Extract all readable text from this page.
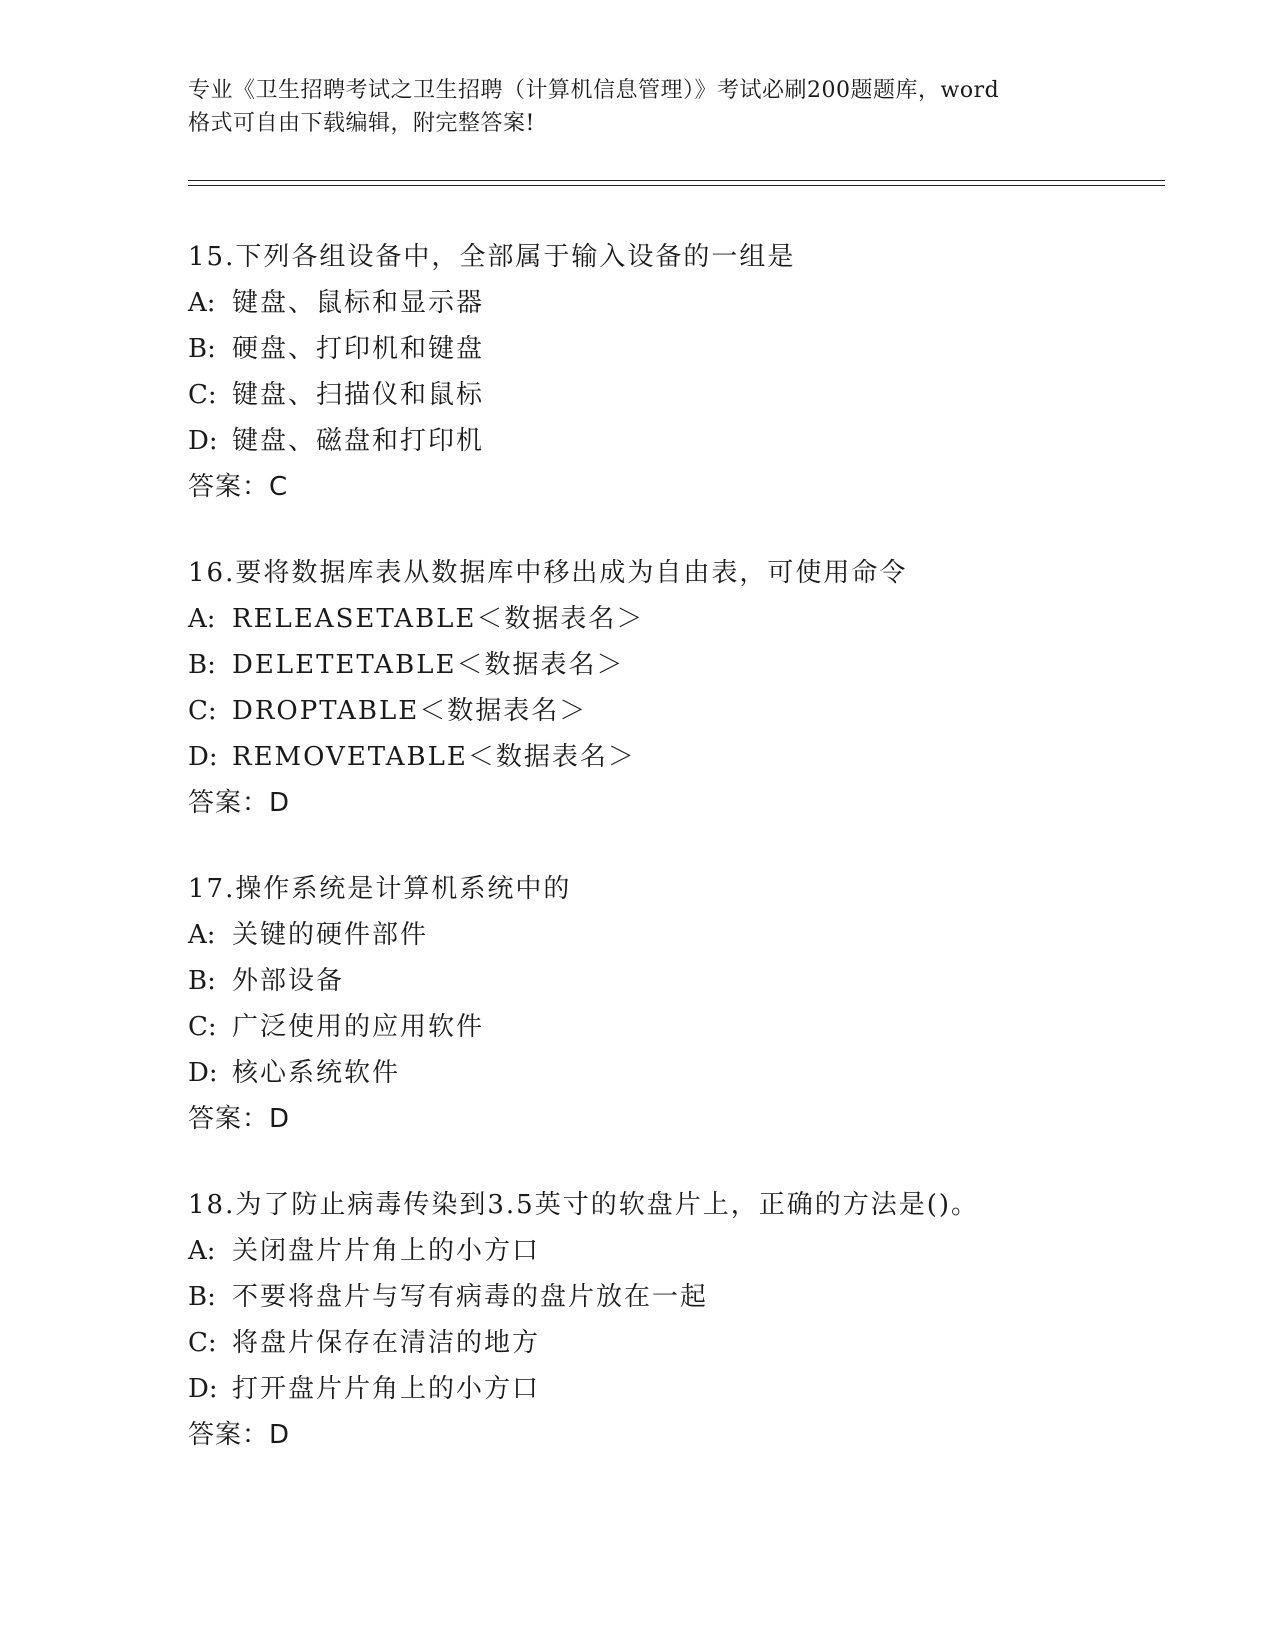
专业《卫生招聘考试之卫生招聘（计算机信息管理）》考试必刷200题题库，word
格式可自由下载编辑，附完整答案!
15.下列各组设备中，全部属于输入设备的一组是
A: 键盘、鼠标和显示器
B: 硬盘、打印机和键盘
C: 键盘、扫描仪和鼠标
D: 键盘、磁盘和打印机
答案：C
16.要将数据库表从数据库中移出成为自由表，可使用命令
A: RELEASETABLE＜数据表名＞
B: DELETETABLE＜数据表名＞
C: DROPTABLE＜数据表名＞
D: REMOVETABLE＜数据表名＞
答案：D
17.操作系统是计算机系统中的
A: 关键的硬件部件
B: 外部设备
C: 广泛使用的应用软件
D: 核心系统软件
答案：D
18.为了防止病毒传染到3.5英寸的软盘片上，正确的方法是()。
A: 关闭盘片片角上的小方口
B: 不要将盘片与写有病毒的盘片放在一起
C: 将盘片保存在清洁的地方
D: 打开盘片片角上的小方口
答案：D
